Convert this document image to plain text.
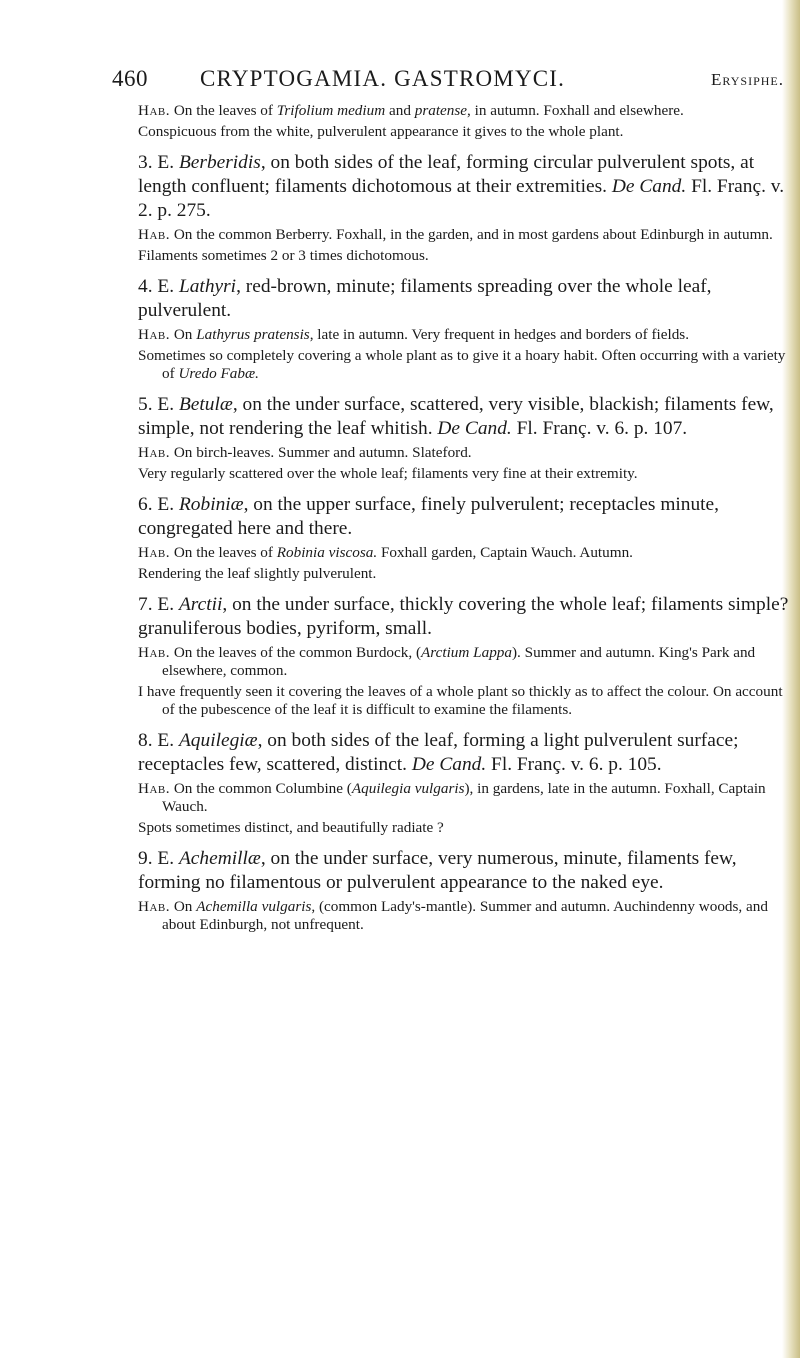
460 CRYPTOGAMIA. GASTROMYCI.	Erysiphe.

Hab. On the leaves of Trifolium medium and pratense, in autumn. Foxhall and elsewhere.

Conspicuous from the white, pulverulent appearance it gives to the whole plant.

3. E. Berberidis, on both sides of the leaf, forming circular pulverulent spots, at length confluent; filaments dichotomous at their extremities. De Cand. Fl. Franç. v. 2. p. 275.

Hab. On the common Berberry. Foxhall, in the garden, and in most gardens about Edinburgh in autumn.

Filaments sometimes 2 or 3 times dichotomous.

4. E. Lathyri, red-brown, minute; filaments spreading over the whole leaf, pulverulent.

Hab. On Lathyrus pratensis, late in autumn. Very frequent in hedges and borders of fields.

Sometimes so completely covering a whole plant as to give it a hoary habit. Often occurring with a variety of Uredo Fabæ.

5. E. Betulæ, on the under surface, scattered, very visible, blackish; filaments few, simple, not rendering the leaf whitish. De Cand. Fl. Franç. v. 6. p. 107.

Hab. On birch-leaves. Summer and autumn. Slateford.

Very regularly scattered over the whole leaf; filaments very fine at their extremity.

6. E. Robiniæ, on the upper surface, finely pulverulent; receptacles minute, congregated here and there.

Hab. On the leaves of Robinia viscosa. Foxhall garden, Captain Wauch. Autumn.

Rendering the leaf slightly pulverulent.

7. E. Arctii, on the under surface, thickly covering the whole leaf; filaments simple? granuliferous bodies, pyriform, small.

Hab. On the leaves of the common Burdock, (Arctium Lappa). Summer and autumn. King's Park and elsewhere, common.

I have frequently seen it covering the leaves of a whole plant so thickly as to affect the colour. On account of the pubescence of the leaf it is difficult to examine the filaments.

8. E. Aquilegiæ, on both sides of the leaf, forming a light pulverulent surface; receptacles few, scattered, distinct. De Cand. Fl. Franç. v. 6. p. 105.

Hab. On the common Columbine (Aquilegia vulgaris), in gardens, late in the autumn. Foxhall, Captain Wauch.

Spots sometimes distinct, and beautifully radiate ?

9. E. Achemillæ, on the under surface, very numerous, minute, filaments few, forming no filamentous or pulverulent appearance to the naked eye.

Hab. On Achemilla vulgaris, (common Lady's-mantle). Summer and autumn. Auchindenny woods, and about Edinburgh, not unfrequent.
